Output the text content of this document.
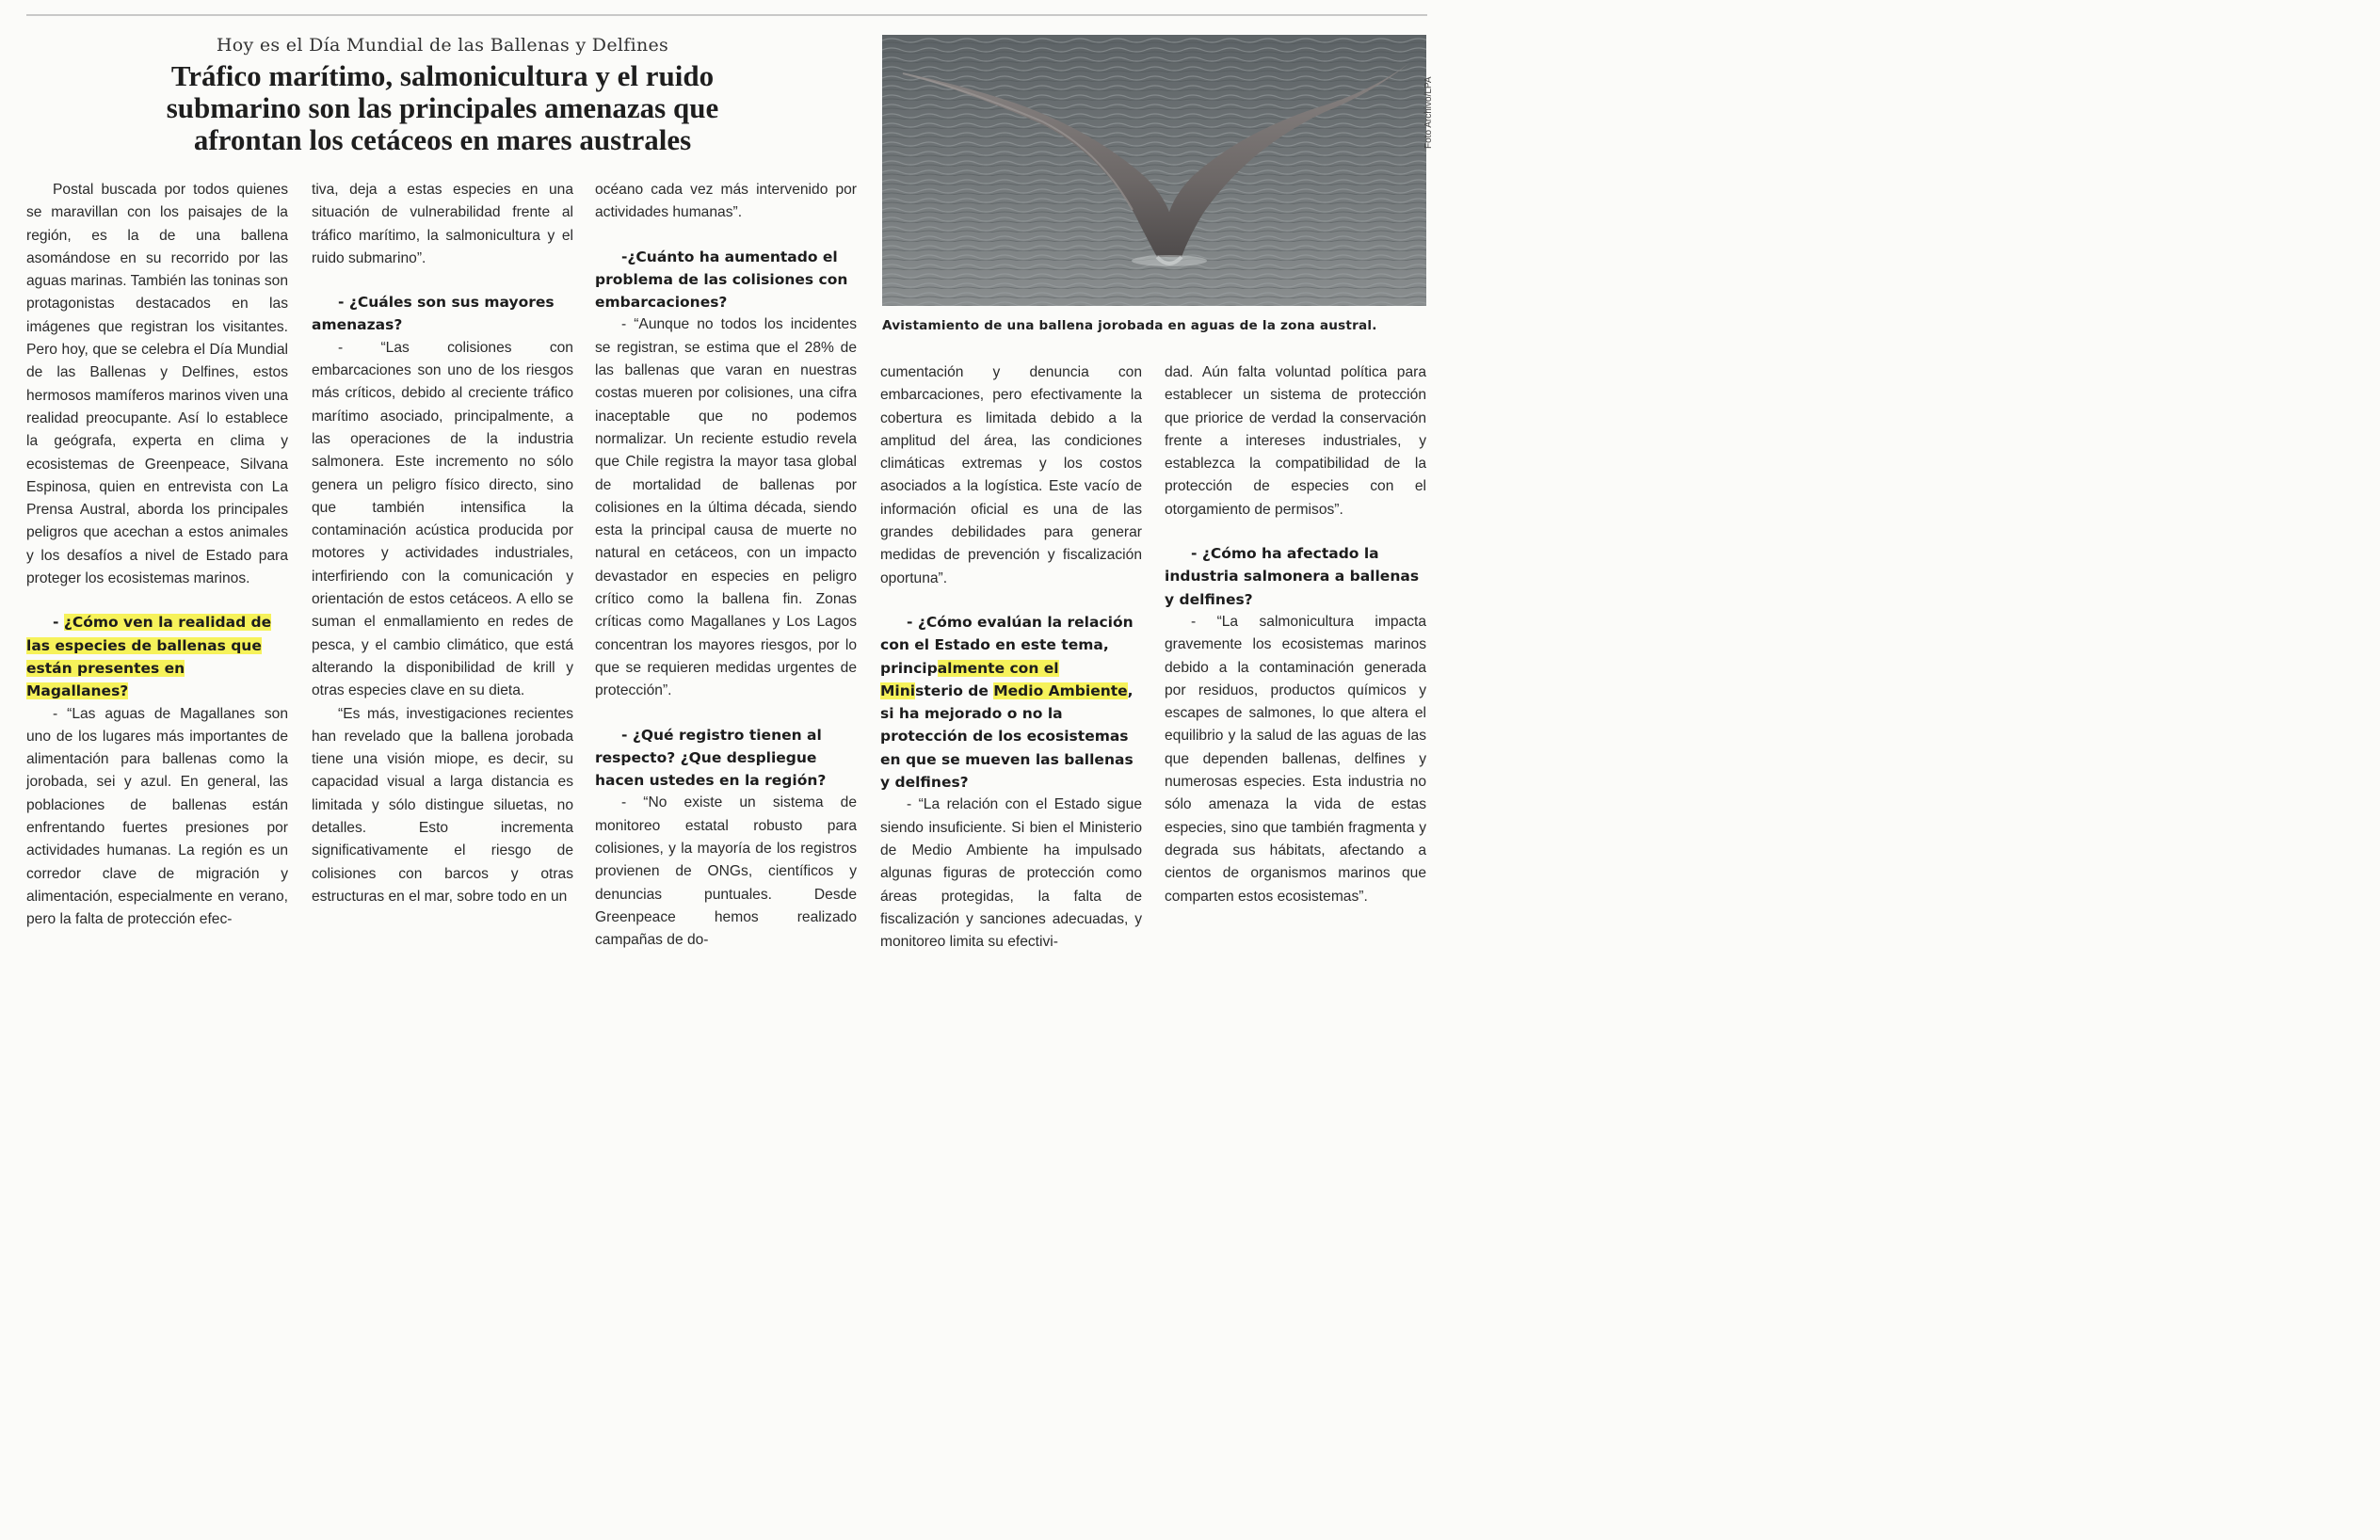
Hoy es el Día Mundial de las Ballenas y Delfines
Tráfico marítimo, salmonicultura y el ruido submarino son las principales amenazas que afrontan los cetáceos en mares australes	Foto Archivo/LPA
Avistamiento de una ballena jorobada en aguas de la zona austral.

Postal buscada por todos quienes se maravillan con los paisajes de la región, es la de una ballena asomándose en su recorrido por las aguas marinas. También las toninas son protagonistas destacados en las imágenes que registran los visitantes. Pero hoy, que se celebra el Día Mundial de las Ballenas y Delfines, estos hermosos mamíferos marinos viven una realidad preocupante. Así lo establece la geógrafa, experta en clima y ecosistemas de Greenpeace, Silvana Espinosa, quien en entrevista con La Prensa Austral, aborda los principales peligros que acechan a estos animales y los desafíos a nivel de Estado para proteger los ecosistemas marinos.

- ¿Cómo ven la realidad de las especies de ballenas que están presentes en Magallanes?

- “Las aguas de Magallanes son uno de los lugares más importantes de alimentación para ballenas como la jorobada, sei y azul. En general, las poblaciones de ballenas están enfrentando fuertes presiones por actividades humanas. La región es un corredor clave de migración y alimentación, especialmente en verano, pero la falta de protección efec-

tiva, deja a estas especies en una situación de vulnerabilidad frente al tráfico marítimo, la salmonicultura y el ruido submarino”.

- ¿Cuáles son sus mayores amenazas?

- “Las colisiones con embarcaciones son uno de los riesgos más críticos, debido al creciente tráfico marítimo asociado, principalmente, a las operaciones de la industria salmonera. Este incremento no sólo genera un peligro físico directo, sino que también intensifica la contaminación acústica producida por motores y actividades industriales, interfiriendo con la comunicación y orientación de estos cetáceos. A ello se suman el enmallamiento en redes de pesca, y el cambio climático, que está alterando la disponibilidad de krill y otras especies clave en su dieta.

“Es más, investigaciones recientes han revelado que la ballena jorobada tiene una visión miope, es decir, su capacidad visual a larga distancia es limitada y sólo distingue siluetas, no detalles. Esto incrementa significativamente el riesgo de colisiones con barcos y otras estructuras en el mar, sobre todo en un

océano cada vez más intervenido por actividades humanas”.

-¿Cuánto ha aumentado el problema de las colisiones con embarcaciones?

- “Aunque no todos los incidentes se registran, se estima que el 28% de las ballenas que varan en nuestras costas mueren por colisiones, una cifra inaceptable que no podemos normalizar. Un reciente estudio revela que Chile registra la mayor tasa global de mortalidad de ballenas por colisiones en la última década, siendo esta la principal causa de muerte no natural en cetáceos, con un impacto devastador en especies en peligro crítico como la ballena fin. Zonas críticas como Magallanes y Los Lagos concentran los mayores riesgos, por lo que se requieren medidas urgentes de protección”.

- ¿Qué registro tienen al respecto? ¿Que despliegue hacen ustedes en la región?

- “No existe un sistema de monitoreo estatal robusto para colisiones, y la mayoría de los registros provienen de ONGs, científicos y denuncias puntuales. Desde Greenpeace hemos realizado campañas de do-

cumentación y denuncia con embarcaciones, pero efectivamente la cobertura es limitada debido a la amplitud del área, las condiciones climáticas extremas y los costos asociados a la logística. Este vacío de información oficial es una de las grandes debilidades para generar medidas de prevención y fiscalización oportuna”.

- ¿Cómo evalúan la relación con el Estado en este tema, principalmente con el Ministerio de Medio Ambiente, si ha mejorado o no la protección de los ecosistemas en que se mueven las ballenas y delfines?

- “La relación con el Estado sigue siendo insuficiente. Si bien el Ministerio de Medio Ambiente ha impulsado algunas figuras de protección como áreas protegidas, la falta de fiscalización y sanciones adecuadas, y monitoreo limita su efectivi-

dad. Aún falta voluntad política para establecer un sistema de protección que priorice de verdad la conservación frente a intereses industriales, y establezca la compatibilidad de la protección de especies con el otorgamiento de permisos”.

- ¿Cómo ha afectado la industria salmonera a ballenas y delfines?

- “La salmonicultura impacta gravemente los ecosistemas marinos debido a la contaminación generada por residuos, productos químicos y escapes de salmones, lo que altera el equilibrio y la salud de las aguas de las que dependen ballenas, delfines y numerosas especies. Esta industria no sólo amenaza la vida de estas especies, sino que también fragmenta y degrada sus hábitats, afectando a cientos de organismos marinos que comparten estos ecosistemas”.
